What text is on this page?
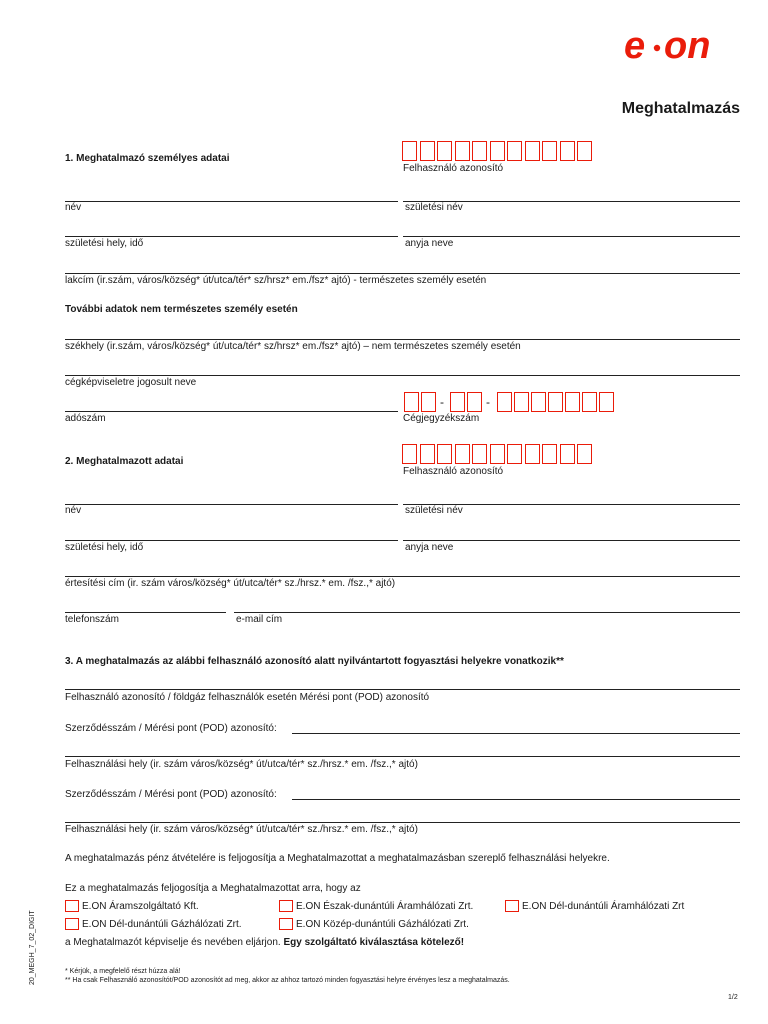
e on
Meghatalmazás
1. Meghatalmazó személyes adatai
Felhasználó azonosító
név	születési név
születési hely, idő	anyja neve
lakcím (ir.szám, város/község* út/utca/tér* sz/hrsz* em./fsz* ajtó) - természetes személy esetén
További adatok nem természetes személy esetén
székhely (ir.szám, város/község* út/utca/tér* sz/hrsz* em./fsz* ajtó) – nem természetes személy esetén
cégképviseletre jogosult neve
adószám
-	-
Cégjegyzékszám
2. Meghatalmazott adatai
Felhasználó azonosító
név	születési név
születési hely, idő	anyja neve
értesítési cím (ir. szám város/község* út/utca/tér* sz./hrsz.* em. /fsz.,* ajtó)
telefonszám	e-mail cím
3. A meghatalmazás az alábbi felhasználó azonosító alatt nyilvántartott fogyasztási helyekre vonatkozik**
Felhasználó azonosító / földgáz felhasználók esetén Mérési pont (POD) azonosító
Szerződésszám / Mérési pont (POD) azonosító:
Felhasználási hely (ir. szám város/község* út/utca/tér* sz./hrsz.* em. /fsz.,* ajtó)
Szerződésszám / Mérési pont (POD) azonosító:
Felhasználási hely (ir. szám város/község* út/utca/tér* sz./hrsz.* em. /fsz.,* ajtó)
A meghatalmazás pénz átvételére is feljogosítja a Meghatalmazottat a meghatalmazásban szereplő felhasználási helyekre.
Ez a meghatalmazás feljogosítja a Meghatalmazottat arra, hogy az
E.ON Áramszolgáltató Kft.	E.ON Észak-dunántúli Áramhálózati Zrt.	E.ON Dél-dunántúli Áramhálózati Zrt
E.ON Dél-dunántúli Gázhálózati Zrt.	E.ON Közép-dunántúli Gázhálózati Zrt.
a Meghatalmazót képviselje és nevében eljárjon. Egy szolgáltató kiválasztása kötelező!
* Kérjük, a megfelelő részt húzza alá!
** Ha csak Felhasználó azonosítót/POD azonosítót ad meg, akkor az ahhoz tartozó minden fogyasztási helyre érvényes lesz a meghatalmazás.
20_MEGH_7_02_DIGIT
1/2
